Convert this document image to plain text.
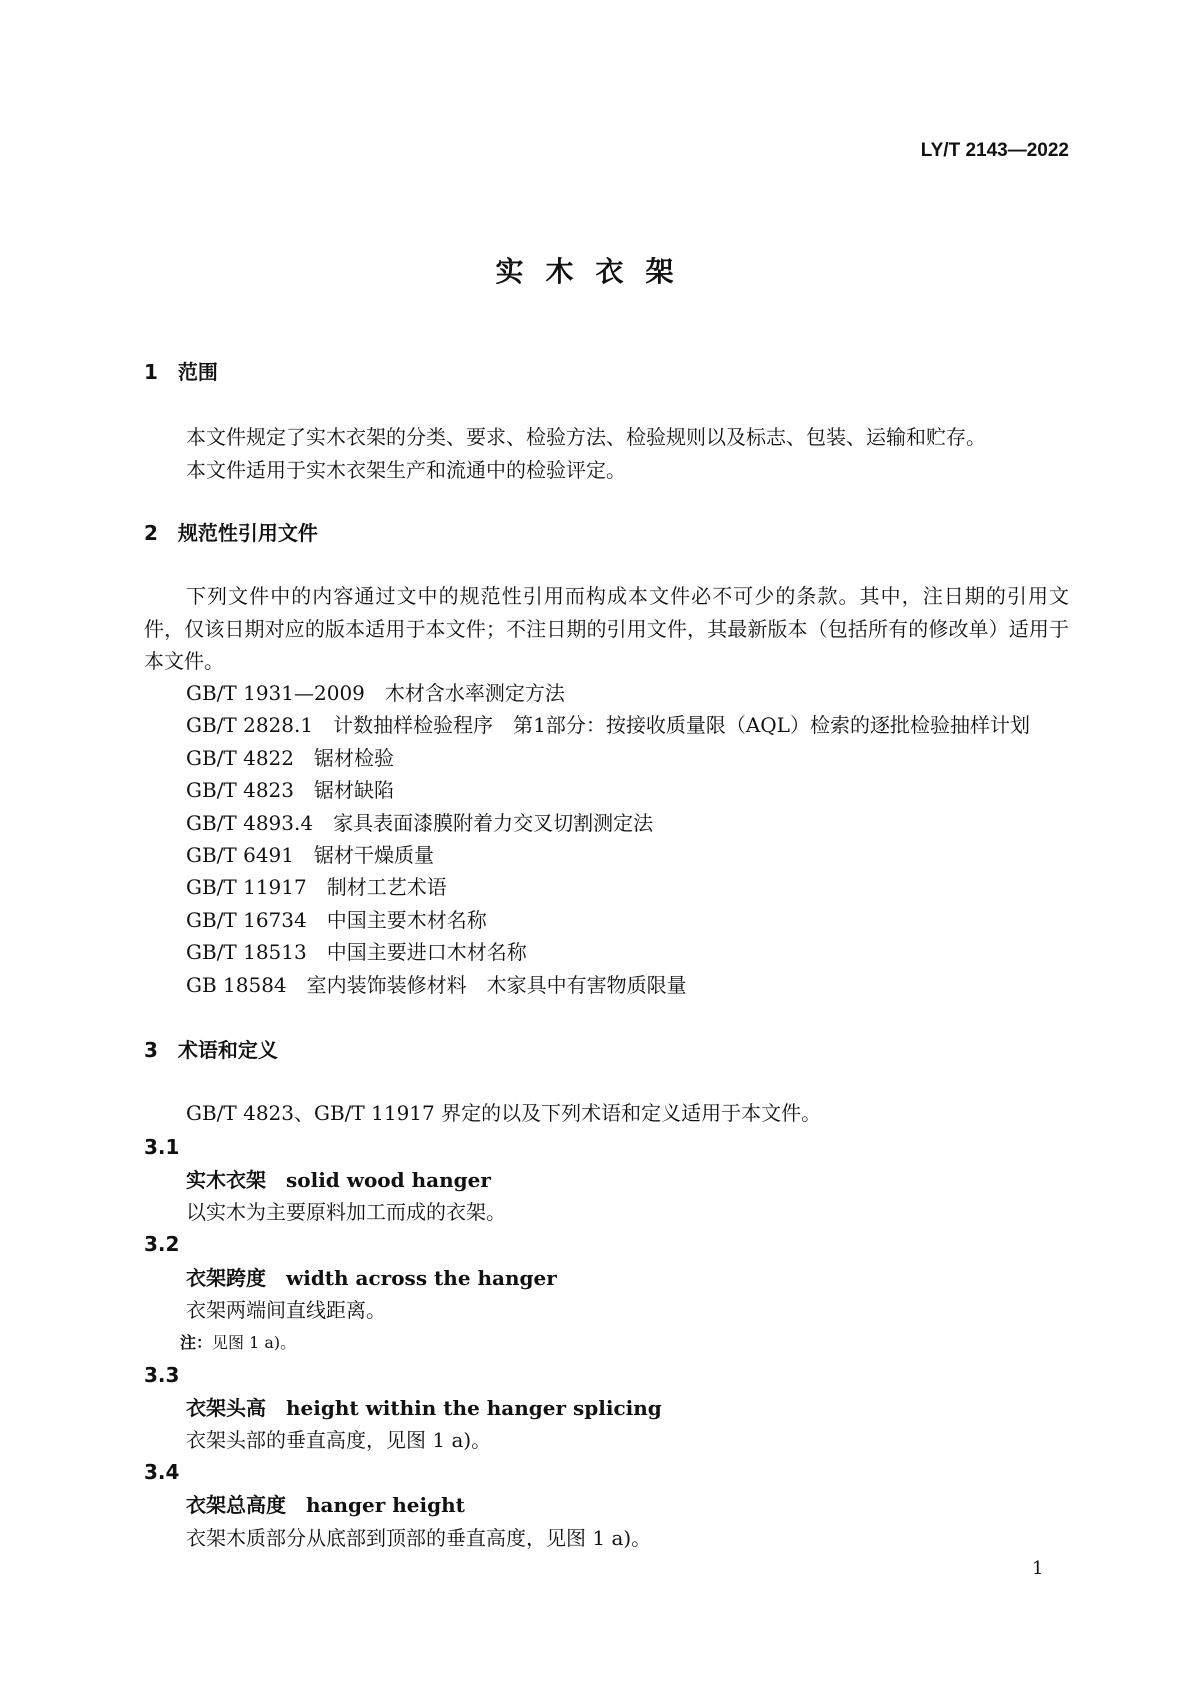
LY/T 2143—2022
实木衣架
1 范围
本文件规定了实木衣架的分类、要求、检验方法、检验规则以及标志、包装、运输和贮存。
本文件适用于实木衣架生产和流通中的检验评定。
2 规范性引用文件
下列文件中的内容通过文中的规范性引用而构成本文件必不可少的条款。其中，注日期的引用文
件，仅该日期对应的版本适用于本文件；不注日期的引用文件，其最新版本（包括所有的修改单）适用于
本文件。
GB/T 1931—2009 木材含水率测定方法
GB/T 2828.1 计数抽样检验程序　第1部分：按接收质量限（AQL）检索的逐批检验抽样计划
GB/T 4822 锯材检验
GB/T 4823 锯材缺陷
GB/T 4893.4 家具表面漆膜附着力交叉切割测定法
GB/T 6491 锯材干燥质量
GB/T 11917 制材工艺术语
GB/T 16734 中国主要木材名称
GB/T 18513 中国主要进口木材名称
GB 18584 室内装饰装修材料　木家具中有害物质限量
3 术语和定义
GB/T 4823、GB/T 11917 界定的以及下列术语和定义适用于本文件。
3.1
实木衣架 solid wood hanger
以实木为主要原料加工而成的衣架。
3.2
衣架跨度 width across the hanger
衣架两端间直线距离。
注：见图 1 a)。
3.3
衣架头高 height within the hanger splicing
衣架头部的垂直高度，见图 1 a)。
3.4
衣架总高度 hanger height
衣架木质部分从底部到顶部的垂直高度，见图 1 a)。
1
